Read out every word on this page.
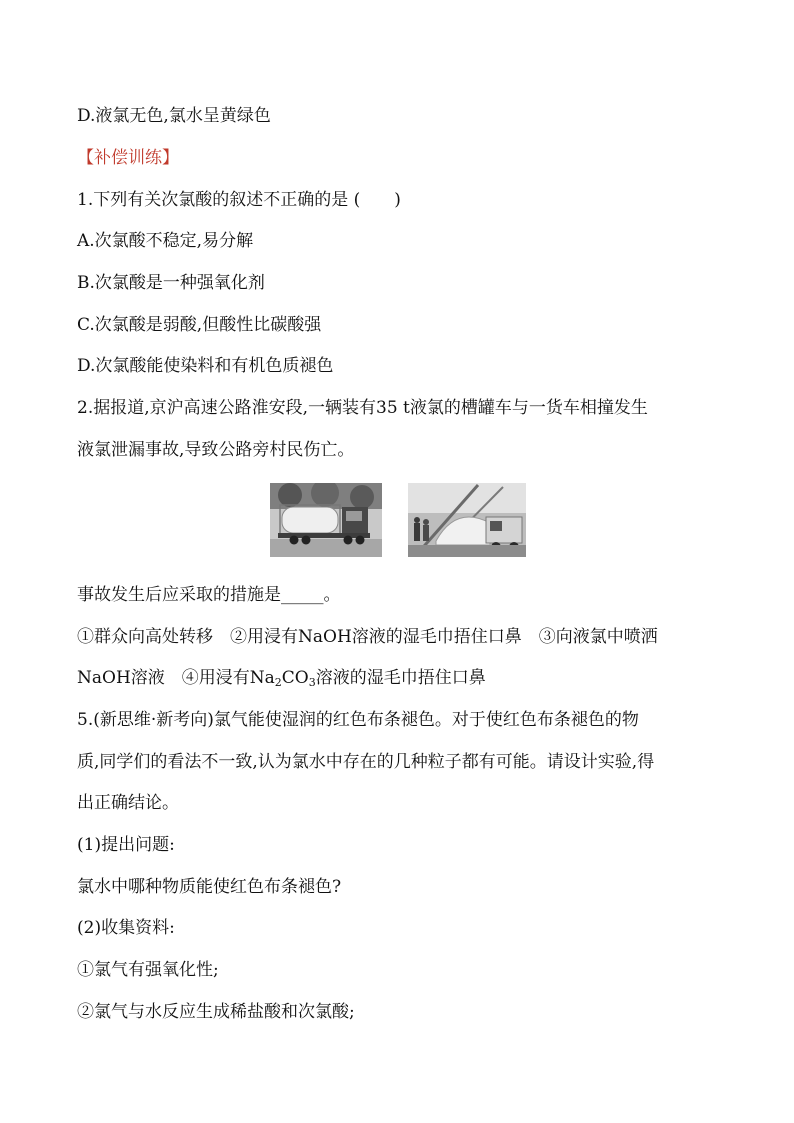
D.液氯无色,氯水呈黄绿色
【补偿训练】
1.下列有关次氯酸的叙述不正确的是 (　　)
A.次氯酸不稳定,易分解
B.次氯酸是一种强氧化剂
C.次氯酸是弱酸,但酸性比碳酸强
D.次氯酸能使染料和有机色质褪色
2.据报道,京沪高速公路淮安段,一辆装有35 t液氯的槽罐车与一货车相撞发生
液氯泄漏事故,导致公路旁村民伤亡。
事故发生后应采取的措施是_____。
①群众向高处转移　②用浸有NaOH溶液的湿毛巾捂住口鼻　③向液氯中喷洒
NaOH溶液　④用浸有$Na_2CO_3$溶液的湿毛巾捂住口鼻
5.(新思维·新考向)氯气能使湿润的红色布条褪色。对于使红色布条褪色的物
质,同学们的看法不一致,认为氯水中存在的几种粒子都有可能。请设计实验,得
出正确结论。
(1)提出问题:
氯水中哪种物质能使红色布条褪色?
(2)收集资料:
①氯气有强氧化性;
②氯气与水反应生成稀盐酸和次氯酸;
